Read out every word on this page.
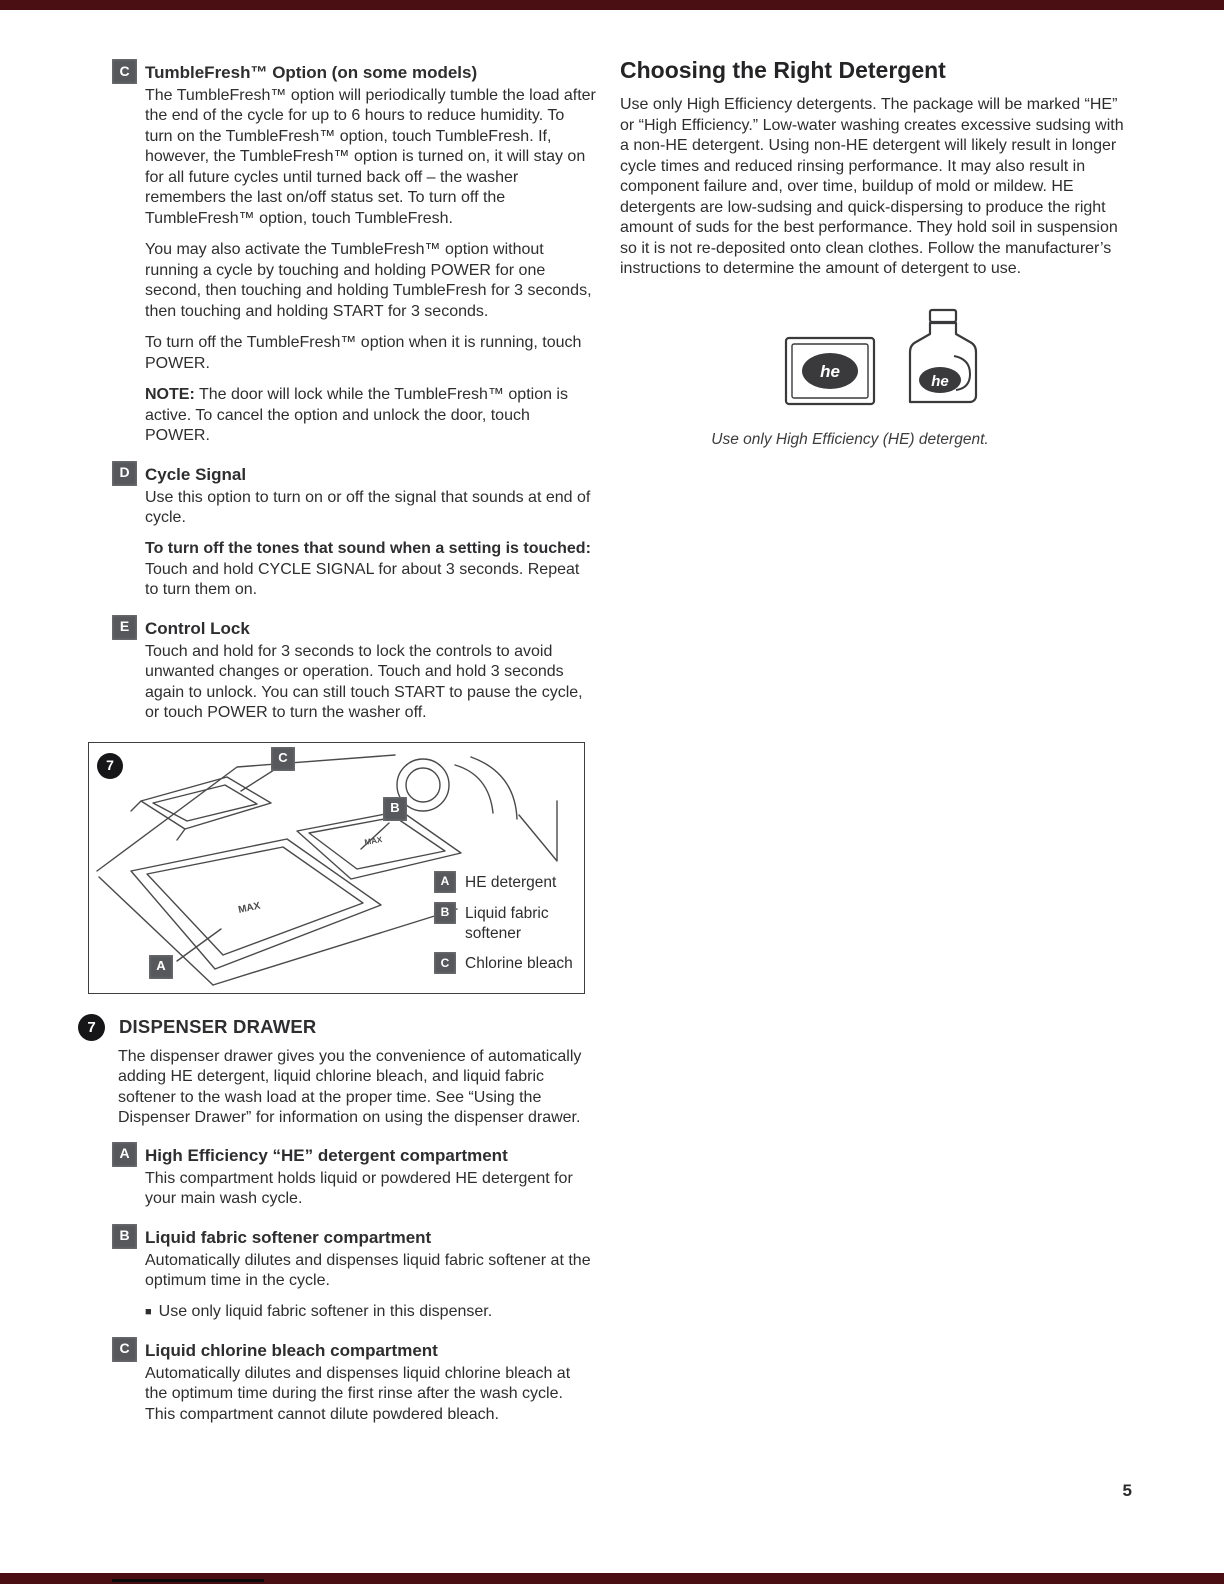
C TumbleFresh™ Option (on some models)

The TumbleFresh™ option will periodically tumble the load after the end of the cycle for up to 6 hours to reduce humidity. To turn on the TumbleFresh™ option, touch TumbleFresh. If, however, the TumbleFresh™ option is turned on, it will stay on for all future cycles until turned back off – the washer remembers the last on/off status set. To turn off the TumbleFresh™ option, touch TumbleFresh.

You may also activate the TumbleFresh™ option without running a cycle by touching and holding POWER for one second, then touching and holding TumbleFresh for 3 seconds, then touching and holding START for 3 seconds.

To turn off the TumbleFresh™ option when it is running, touch POWER.

NOTE: The door will lock while the TumbleFresh™ option is active. To cancel the option and unlock the door, touch POWER.

D Cycle Signal

Use this option to turn on or off the signal that sounds at end of cycle.

To turn off the tones that sound when a setting is touched: Touch and hold CYCLE SIGNAL for about 3 seconds. Repeat to turn them on.

E Control Lock

Touch and hold for 3 seconds to lock the controls to avoid unwanted changes or operation. Touch and hold 3 seconds again to unlock. You can still touch START to pause the cycle, or touch POWER to turn the washer off.

MAX
MAX
7	C
B
A
A	HE detergent
B	Liquid fabric softener
C	Chlorine bleach
7	DISPENSER DRAWER
The dispenser drawer gives you the convenience of automatically adding HE detergent, liquid chlorine bleach, and liquid fabric softener to the wash load at the proper time. See “Using the Dispenser Drawer” for information on using the dispenser drawer.
A High Efficiency “HE” detergent compartment

This compartment holds liquid or powdered HE detergent for your main wash cycle.

B Liquid fabric softener compartment

Automatically dilutes and dispenses liquid fabric softener at the optimum time in the cycle.

■ Use only liquid fabric softener in this dispenser.
C Liquid chlorine bleach compartment

Automatically dilutes and dispenses liquid chlorine bleach at the optimum time during the first rinse after the wash cycle. This compartment cannot dilute powdered bleach.

Choosing the Right Detergent
Use only High Efficiency detergents. The package will be marked “HE” or “High Efficiency.” Low-water washing creates excessive sudsing with a non-HE detergent. Using non-HE detergent will likely result in longer cycle times and reduced rinsing performance. It may also result in component failure and, over time, buildup of mold or mildew. HE detergents are low-sudsing and quick-dispersing to produce the right amount of suds for the best performance. They hold soil in suspension so it is not re-deposited onto clean clothes. Follow the manufacturer’s instructions to determine the amount of detergent to use.
he
he
Use only High Efficiency (HE) detergent.
5
